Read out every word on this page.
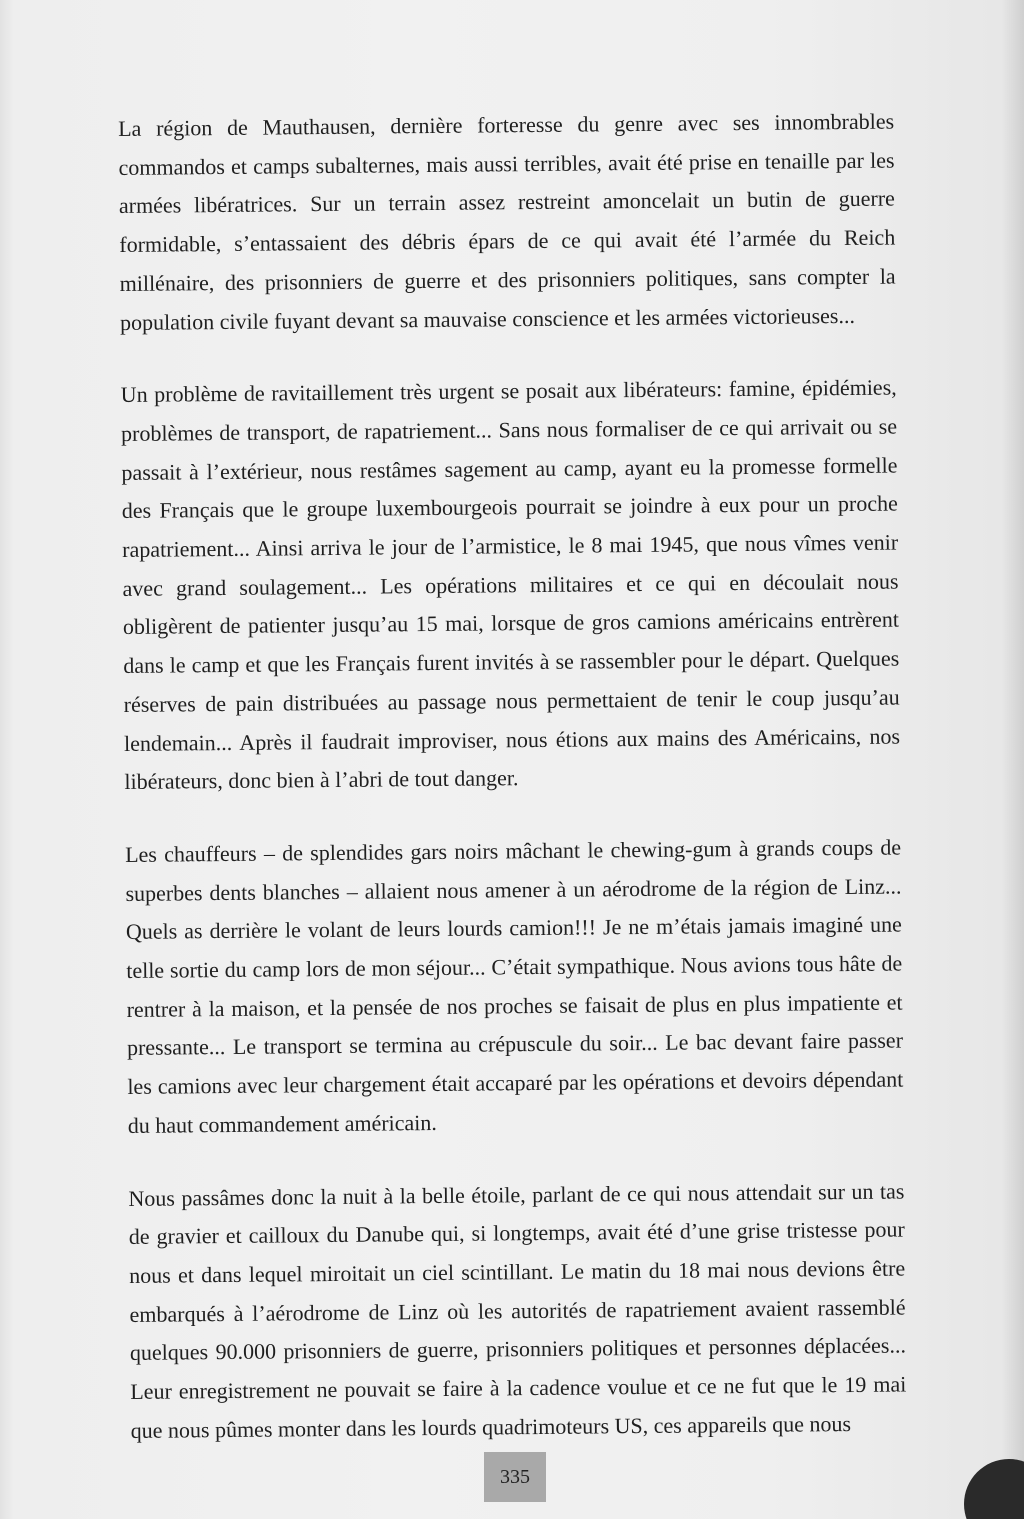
La région de Mauthausen, dernière forteresse du genre avec ses innombrables commandos et camps subalternes, mais aussi terribles, avait été prise en tenaille par les armées libératrices. Sur un terrain assez restreint amoncelait un butin de guerre formidable, s’entassaient des débris épars de ce qui avait été l’armée du Reich millénaire, des prisonniers de guerre et des prisonniers politiques, sans compter la population civile fuyant devant sa mauvaise conscience et les armées victorieuses...

Un problème de ravitaillement très urgent se posait aux libérateurs: famine, épidémies, problèmes de transport, de rapatriement... Sans nous formaliser de ce qui arrivait ou se passait à l’extérieur, nous restâmes sagement au camp, ayant eu la promesse formelle des Français que le groupe luxembourgeois pourrait se joindre à eux pour un proche rapatriement... Ainsi arriva le jour de l’armistice, le 8 mai 1945, que nous vîmes venir avec grand soulagement... Les opérations militaires et ce qui en découlait nous obligèrent de patienter jusqu’au 15 mai, lorsque de gros camions américains entrèrent dans le camp et que les Français furent invités à se rassembler pour le départ. Quelques réserves de pain distribuées au passage nous permettaient de tenir le coup jusqu’au lendemain... Après il faudrait improviser, nous étions aux mains des Américains, nos libérateurs, donc bien à l’abri de tout danger.

Les chauffeurs – de splendides gars noirs mâchant le chewing-gum à grands coups de superbes dents blanches – allaient nous amener à un aérodrome de la région de Linz... Quels as derrière le volant de leurs lourds camion!!! Je ne m’étais jamais imaginé une telle sortie du camp lors de mon séjour... C’était sympathique. Nous avions tous hâte de rentrer à la maison, et la pensée de nos proches se faisait de plus en plus impatiente et pressante... Le transport se termina au crépuscule du soir... Le bac devant faire passer les camions avec leur chargement était accaparé par les opérations et devoirs dépendant du haut commandement américain.

Nous passâmes donc la nuit à la belle étoile, parlant de ce qui nous attendait sur un tas de gravier et cailloux du Danube qui, si longtemps, avait été d’une grise tristesse pour nous et dans lequel miroitait un ciel scintillant. Le matin du 18 mai nous devions être embarqués à l’aérodrome de Linz où les autorités de rapatriement avaient rassemblé quelques 90.000 prisonniers de guerre, prisonniers politiques et personnes déplacées... Leur enregistrement ne pouvait se faire à la cadence voulue et ce ne fut que le 19 mai que nous pûmes monter dans les lourds quadrimoteurs US, ces appareils que nous

335
